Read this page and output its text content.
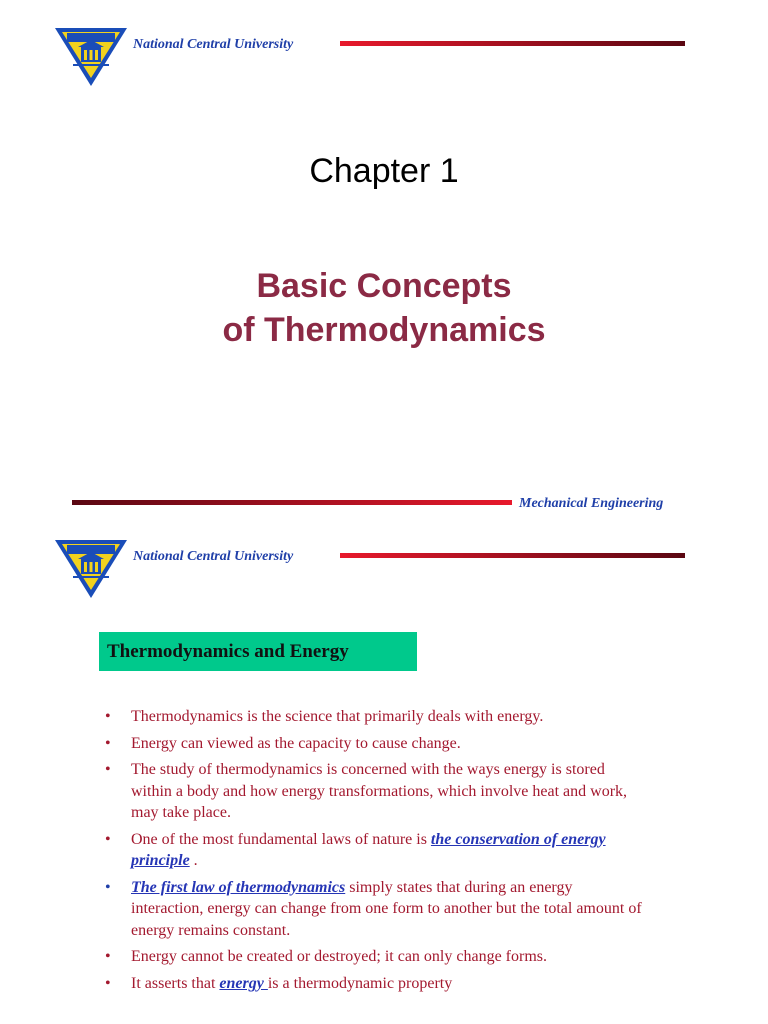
National Central University
Chapter 1
Basic Concepts
of Thermodynamics
Mechanical Engineering
National Central University
Thermodynamics and Energy
• Thermodynamics is the science that primarily deals with energy.
• Energy can viewed as the capacity to cause change.
• The study of thermodynamics is concerned with the ways energy is stored within a body and how energy transformations, which involve heat and work, may take place.
• One of the most fundamental laws of nature is the conservation of energy principle .
• The first law of thermodynamics simply states that during an energy interaction, energy can change from one form to another but the total amount of energy remains constant.
• Energy cannot be created or destroyed; it can only change forms.
• It asserts that energy is a thermodynamic property
